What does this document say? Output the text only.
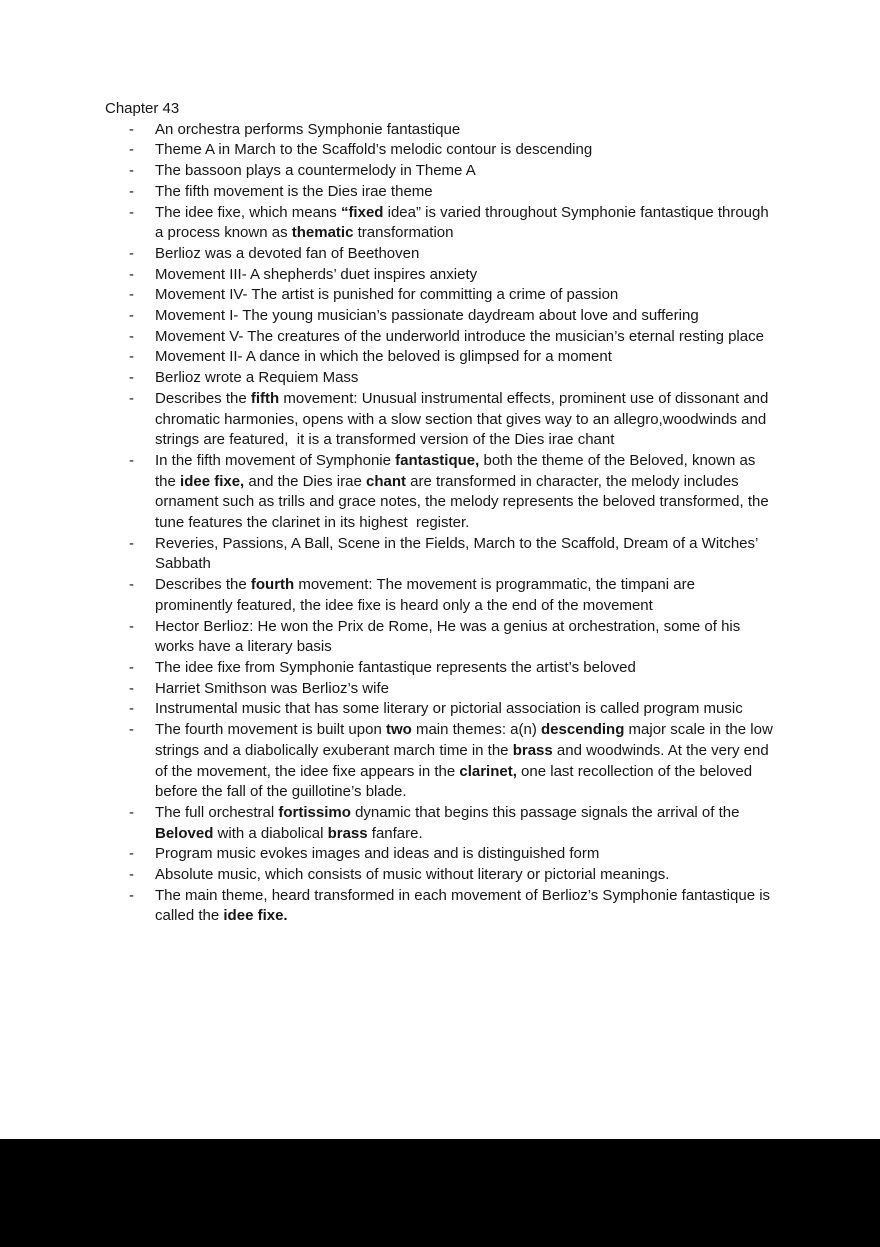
Chapter 43
- An orchestra performs Symphonie fantastique
- Theme A in March to the Scaffold’s melodic contour is descending
- The bassoon plays a countermelody in Theme A
- The fifth movement is the Dies irae theme
- The idee fixe, which means “fixed idea” is varied throughout Symphonie fantastique through a process known as thematic transformation
- Berlioz was a devoted fan of Beethoven
- Movement III- A shepherds’ duet inspires anxiety
- Movement IV- The artist is punished for committing a crime of passion
- Movement I- The young musician’s passionate daydream about love and suffering
- Movement V- The creatures of the underworld introduce the musician’s eternal resting place
- Movement II- A dance in which the beloved is glimpsed for a moment
- Berlioz wrote a Requiem Mass
- Describes the fifth movement: Unusual instrumental effects, prominent use of dissonant and chromatic harmonies, opens with a slow section that gives way to an allegro,woodwinds and strings are featured,  it is a transformed version of the Dies irae chant
- In the fifth movement of Symphonie fantastique, both the theme of the Beloved, known as the idee fixe, and the Dies irae chant are transformed in character, the melody includes ornament such as trills and grace notes, the melody represents the beloved transformed, the tune features the clarinet in its highest  register.
- Reveries, Passions, A Ball, Scene in the Fields, March to the Scaffold, Dream of a Witches’ Sabbath
- Describes the fourth movement: The movement is programmatic, the timpani are prominently featured, the idee fixe is heard only a the end of the movement
- Hector Berlioz: He won the Prix de Rome, He was a genius at orchestration, some of his works have a literary basis
- The idee fixe from Symphonie fantastique represents the artist’s beloved
- Harriet Smithson was Berlioz’s wife
- Instrumental music that has some literary or pictorial association is called program music
- The fourth movement is built upon two main themes: a(n) descending major scale in the low strings and a diabolically exuberant march time in the brass and woodwinds. At the very end of the movement, the idee fixe appears in the clarinet, one last recollection of the beloved before the fall of the guillotine’s blade.
- The full orchestral fortissimo dynamic that begins this passage signals the arrival of the Beloved with a diabolical brass fanfare.
- Program music evokes images and ideas and is distinguished form
- Absolute music, which consists of music without literary or pictorial meanings.
- The main theme, heard transformed in each movement of Berlioz’s Symphonie fantastique is called the idee fixe.
